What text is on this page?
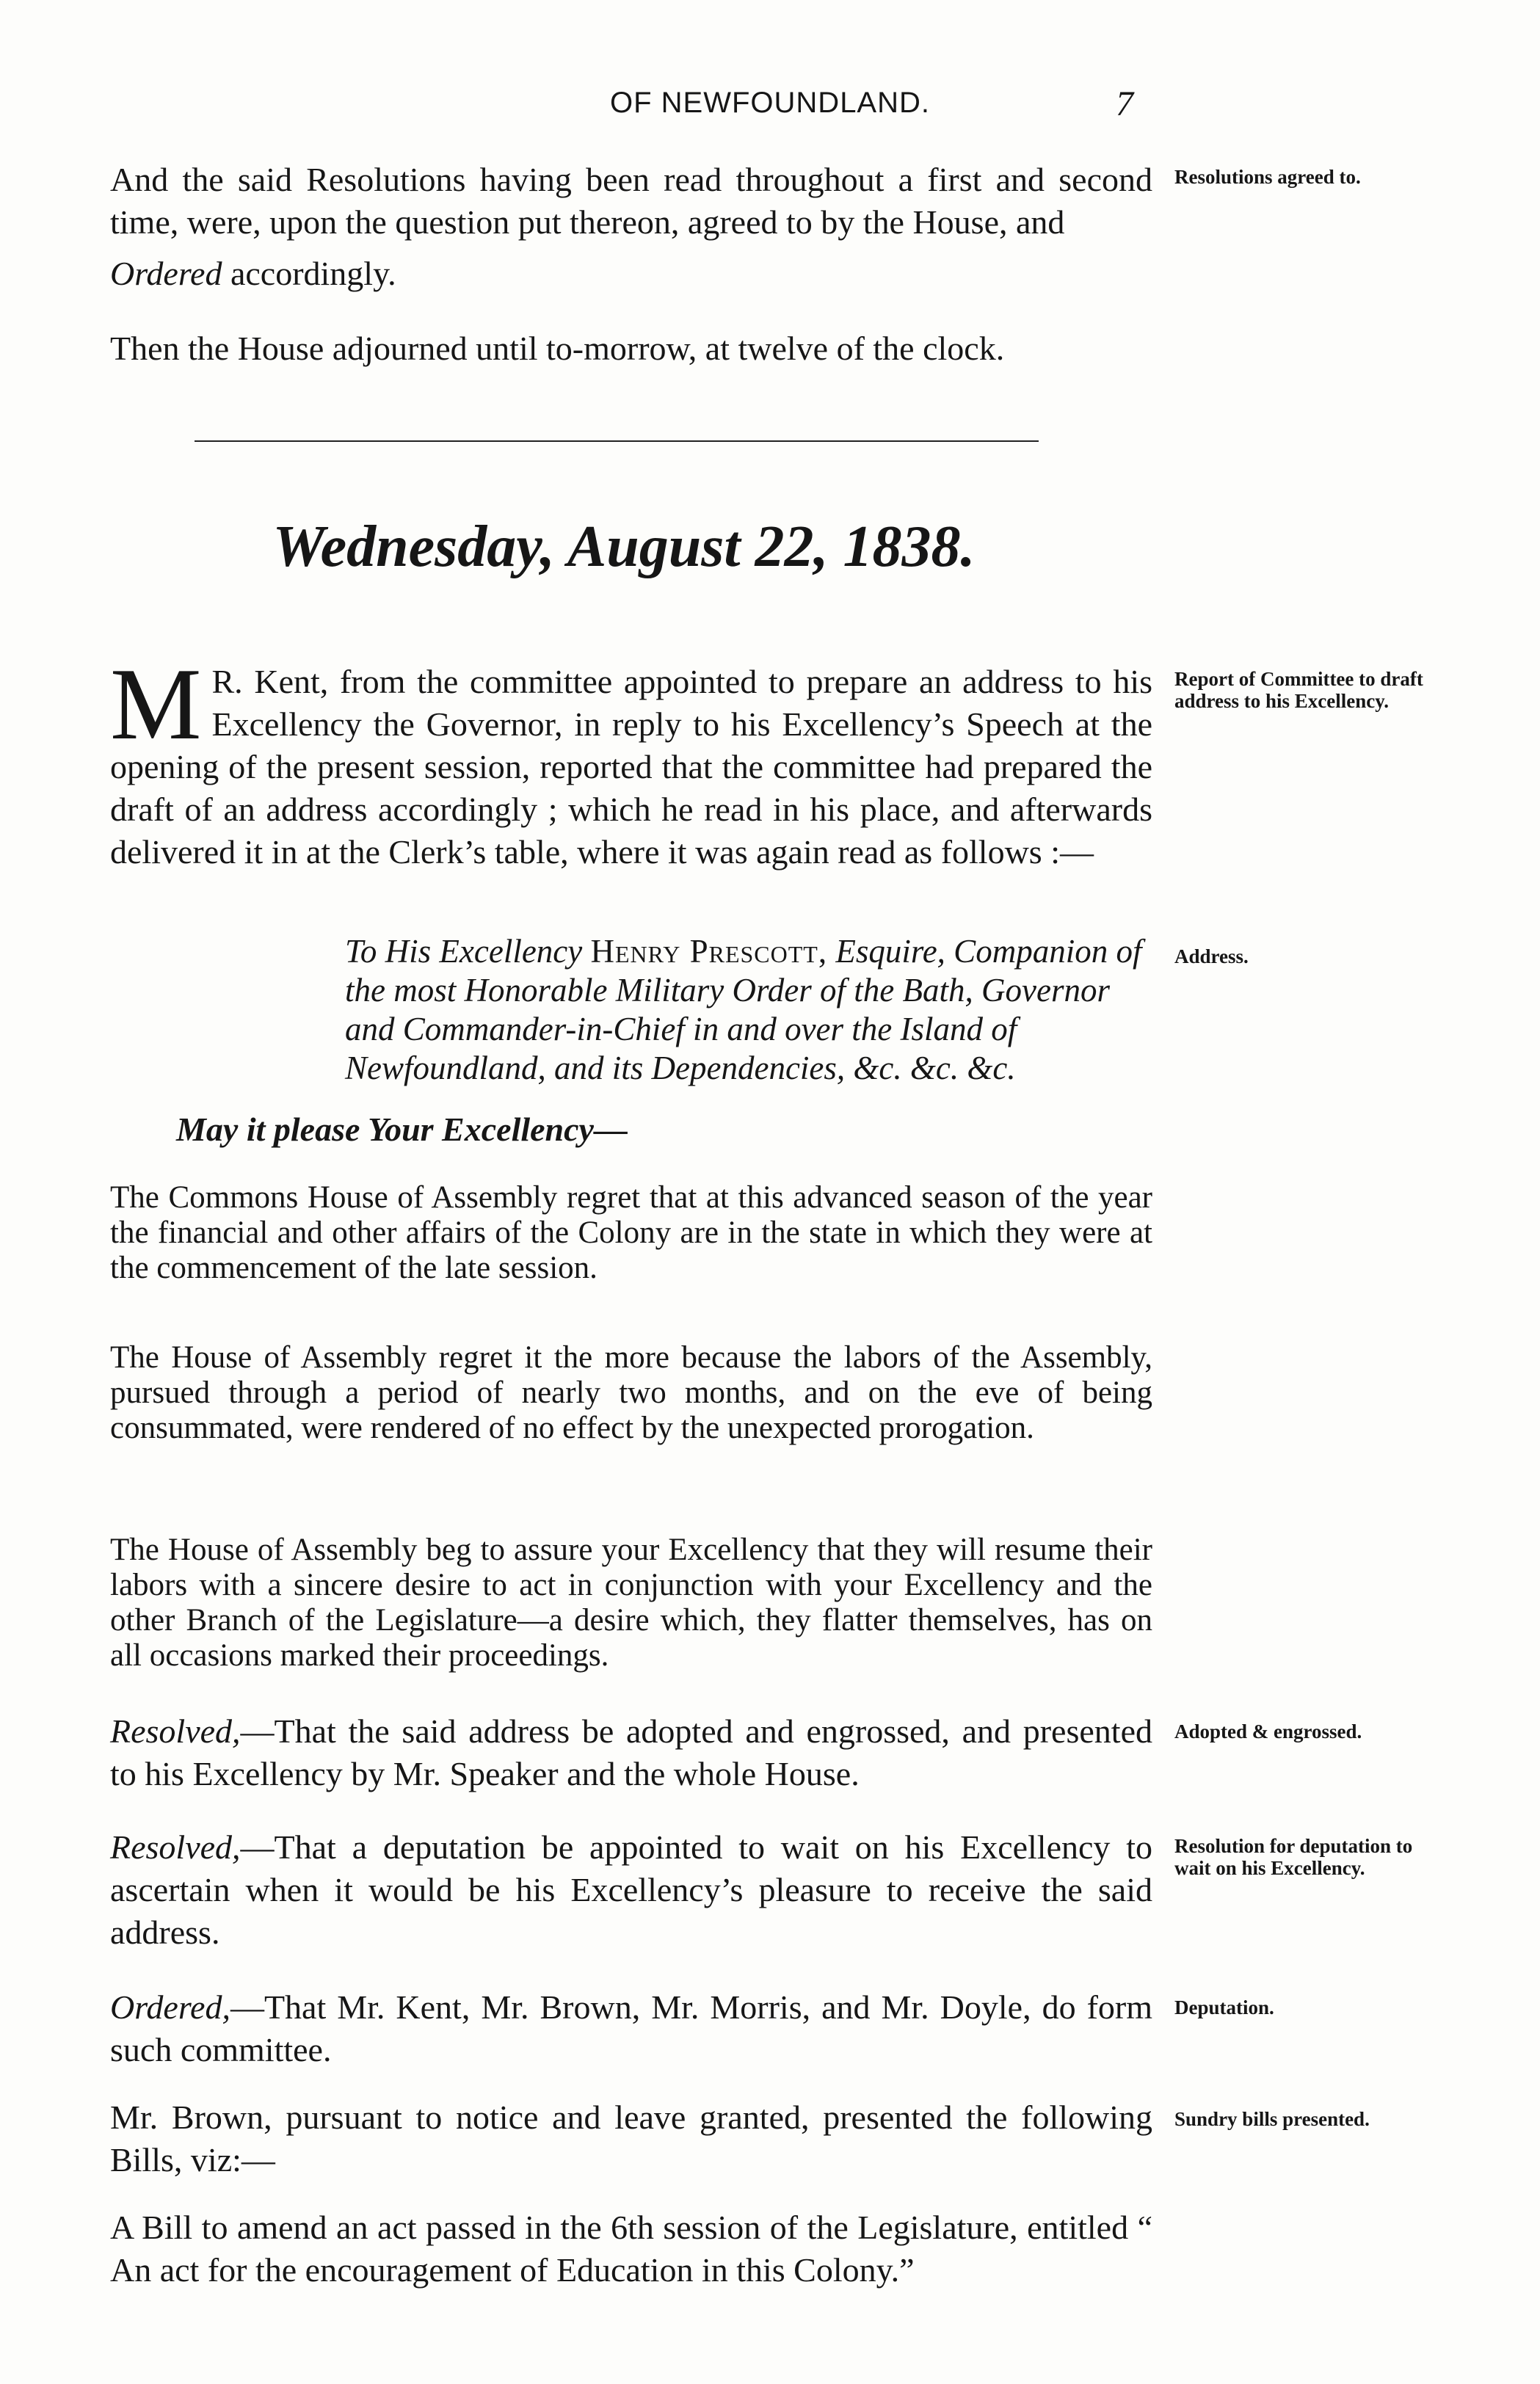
OF NEWFOUNDLAND.	7

And the said Resolutions having been read throughout a first and second time, were, upon the question put thereon, agreed to by the House, and

Ordered accordingly.

Resolutions agreed to.

Then the House adjourned until to-morrow, at twelve of the clock.

Wednesday, August 22, 1838.

M R. Kent, from the committee appointed to prepare an address to his Excellency the Governor, in reply to his Excellency’s Speech at the opening of the present session, reported that the committee had prepared the draft of an address accordingly ; which he read in his place, and afterwards delivered it in at the Clerk’s table, where it was again read as follows :—

Report of Committee to draft address to his Excellency.
To His Excellency Henry Prescott, Esquire, Companion of the most Honorable Military Order of the Bath, Governor and Commander-in-Chief in and over the Island of Newfoundland, and its Dependencies, &c. &c. &c.
Address.
May it please Your Excellency—

The Commons House of Assembly regret that at this advanced season of the year the financial and other affairs of the Colony are in the state in which they were at the commencement of the late session.

The House of Assembly regret it the more because the labors of the Assembly, pursued through a period of nearly two months, and on the eve of being consummated, were rendered of no effect by the unexpected prorogation.

The House of Assembly beg to assure your Excellency that they will resume their labors with a sincere desire to act in conjunction with your Excellency and the other Branch of the Legislature—a desire which, they flatter themselves, has on all occasions marked their proceedings.

Resolved,—That the said address be adopted and engrossed, and presented to his Excellency by Mr. Speaker and the whole House.

Adopted & engrossed.

Resolved,—That a deputation be appointed to wait on his Excellency to ascertain when it would be his Excellency’s pleasure to receive the said address.

Resolution for deputation to wait on his Excellency.

Ordered,—That Mr. Kent, Mr. Brown, Mr. Morris, and Mr. Doyle, do form such committee.

Deputation.

Mr. Brown, pursuant to notice and leave granted, presented the following Bills, viz:—

Sundry bills presented.

A Bill to amend an act passed in the 6th session of the Legislature, entitled “ An act for the encouragement of Education in this Colony.”
